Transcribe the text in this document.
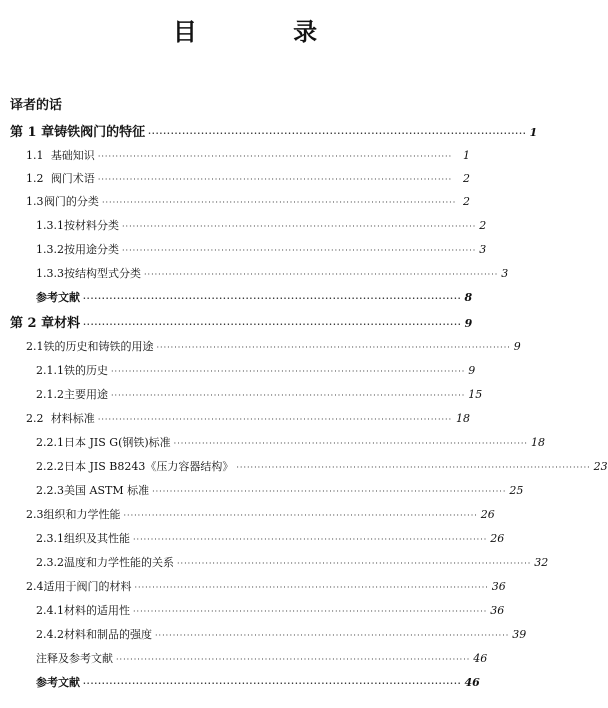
目 录
译者的话
第 1 章 铸铁阀门的特征 ···································································································· 1
1.1 基础知识 ···································································································· 1
1.2 阀门术语 ···································································································· 2
1.3 阀门的分类 ···································································································· 2
1.3.1 按材料分类 ···································································································· 2
1.3.2 按用途分类 ···································································································· 3
1.3.3 按结构型式分类 ···································································································· 3
参考文献 ···································································································· 8
第 2 章 材料 ···································································································· 9
2.1 铁的历史和铸铁的用途 ···································································································· 9
2.1.1 铁的历史 ···································································································· 9
2.1.2 主要用途 ···································································································· 15
2.2 材料标准 ···································································································· 18
2.2.1 日本 JIS G(钢铁)标准 ···································································································· 18
2.2.2 日本 JIS B8243《压力容器结构》 ···································································································· 23
2.2.3 美国 ASTM 标准 ···································································································· 25
2.3 组织和力学性能 ···································································································· 26
2.3.1 组织及其性能 ···································································································· 26
2.3.2 温度和力学性能的关系 ···································································································· 32
2.4 适用于阀门的材料 ···································································································· 36
2.4.1 材料的适用性 ···································································································· 36
2.4.2 材料和制品的强度 ···································································································· 39
注释及参考文献 ···································································································· 46
参考文献 ···································································································· 46
